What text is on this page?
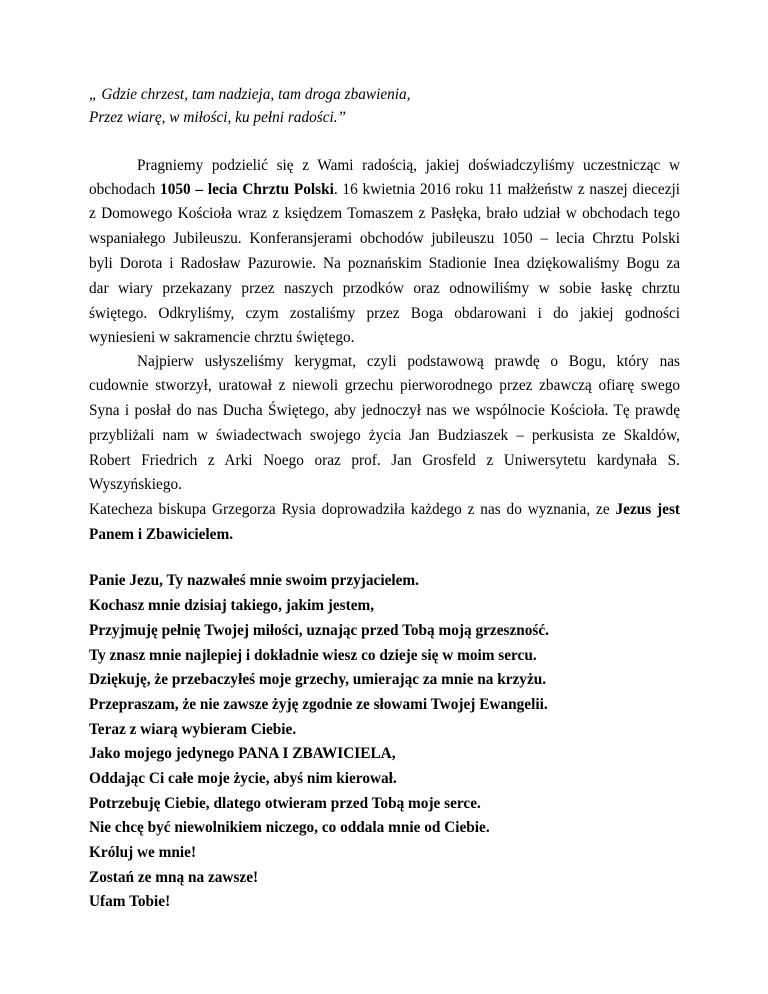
„ Gdzie chrzest, tam nadzieja, tam droga zbawienia,
Przez wiarę, w miłości, ku pełni radości.”
Pragniemy podzielić się z Wami radością, jakiej doświadczyliśmy uczestnicząc w
obchodach 1050 – lecia Chrztu Polski. 16 kwietnia 2016 roku 11 małżeństw z naszej diecezji
z Domowego Kościoła wraz z księdzem Tomaszem z Pasłęka, brało udział w obchodach tego
wspaniałego Jubileuszu. Konferansjerami obchodów jubileuszu 1050 – lecia Chrztu Polski
byli Dorota i Radosław Pazurowie. Na poznańskim Stadionie Inea dziękowaliśmy Bogu za
dar wiary przekazany przez naszych przodków oraz odnowiliśmy w sobie łaskę chrztu
świętego. Odkryliśmy, czym zostaliśmy przez Boga obdarowani i do jakiej godności
wyniesieni w sakramencie chrztu świętego.
Najpierw usłyszeliśmy kerygmat, czyli podstawową prawdę o Bogu, który nas
cudownie stworzył, uratował z niewoli grzechu pierworodnego przez zbawczą ofiarę swego
Syna i posłał do nas Ducha Świętego, aby jednoczył nas we wspólnocie Kościoła. Tę prawdę
przybliżali nam w świadectwach swojego życia Jan Budziaszek – perkusista ze Skaldów,
Robert Friedrich z Arki Noego oraz prof. Jan Grosfeld z Uniwersytetu kardynała S.
Wyszyńskiego.
Katecheza biskupa Grzegorza Rysia doprowadziła każdego z nas do wyznania, ze Jezus jest
Panem i Zbawicielem.
Panie Jezu, Ty nazwałeś mnie swoim przyjacielem.
Kochasz mnie dzisiaj takiego, jakim jestem,
Przyjmuję pełnię Twojej miłości, uznając przed Tobą moją grzeszność.
Ty znasz mnie najlepiej i dokładnie wiesz co dzieje się w moim sercu.
Dziękuję, że przebaczyłeś moje grzechy, umierając za mnie na krzyżu.
Przepraszam, że nie zawsze żyję zgodnie ze słowami Twojej Ewangelii.
Teraz z wiarą wybieram Ciebie.
Jako mojego jedynego PANA I ZBAWICIELA,
Oddając Ci całe moje życie, abyś nim kierował.
Potrzebuję Ciebie, dlatego otwieram przed Tobą moje serce.
Nie chcę być niewolnikiem niczego, co oddala mnie od Ciebie.
Króluj we mnie!
Zostań ze mną na zawsze!
Ufam Tobie!
